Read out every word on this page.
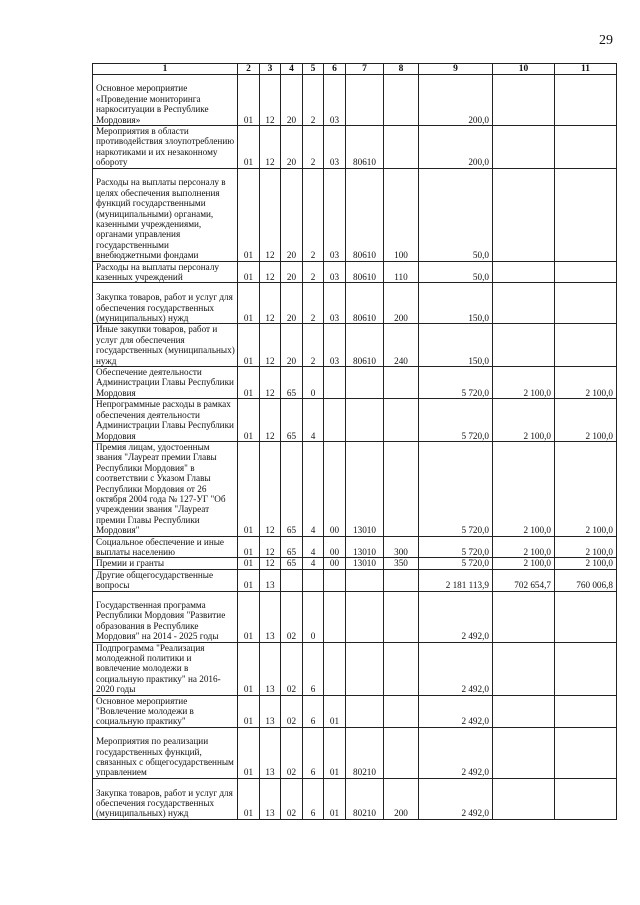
29
1	2	3	4	5	6	7	8	9	10	11
Основное мероприятие «Проведение мониторинга наркоситуации в Республике Мордовия»	01	12	20	2	03			200,0		
Мероприятия в области противодействия злоупотреблению наркотиками и их незаконному обороту	01	12	20	2	03	80610		200,0		
Расходы на выплаты персоналу в целях обеспечения выполнения функций государственными (муниципальными) органами, казенными учреждениями, органами управления государственными внебюджетными фондами	01	12	20	2	03	80610	100	50,0		
Расходы на выплаты персоналу казенных учреждений	01	12	20	2	03	80610	110	50,0		
Закупка товаров, работ и услуг для обеспечения государственных (муниципальных) нужд	01	12	20	2	03	80610	200	150,0		
Иные закупки товаров, работ и услуг для обеспечения государственных (муниципальных) нужд	01	12	20	2	03	80610	240	150,0		
Обеспечение деятельности Администрации Главы Республики Мордовия	01	12	65	0				5 720,0	2 100,0	2 100,0
Непрограммные расходы в рамках обеспечения деятельности Администрации Главы Республики Мордовия	01	12	65	4				5 720,0	2 100,0	2 100,0
Премия лицам, удостоенным звания "Лауреат премии Главы Республики Мордовия" в соответствии с Указом Главы Республики Мордовия от 26 октября 2004 года № 127-УГ "Об учреждении звания "Лауреат премии Главы Республики Мордовия"	01	12	65	4	00	13010		5 720,0	2 100,0	2 100,0
Социальное обеспечение и иные выплаты населению	01	12	65	4	00	13010	300	5 720,0	2 100,0	2 100,0
Премии и гранты	01	12	65	4	00	13010	350	5 720,0	2 100,0	2 100,0
Другие общегосударственные вопросы	01	13						2 181 113,9	702 654,7	760 006,8
Государственная программа Республики Мордовия "Развитие образования в Республике Мордовия" на 2014 - 2025 годы	01	13	02	0				2 492,0		
Подпрограмма "Реализация молодежной политики и вовлечение молодежи в социальную практику" на 2016-2020 годы	01	13	02	6				2 492,0		
Основное мероприятие "Вовлечение молодежи в социальную практику"	01	13	02	6	01			2 492,0		
Мероприятия по реализации государственных функций, связанных с общегосударственным управлением	01	13	02	6	01	80210		2 492,0		
Закупка товаров, работ и услуг для обеспечения государственных (муниципальных) нужд	01	13	02	6	01	80210	200	2 492,0		
